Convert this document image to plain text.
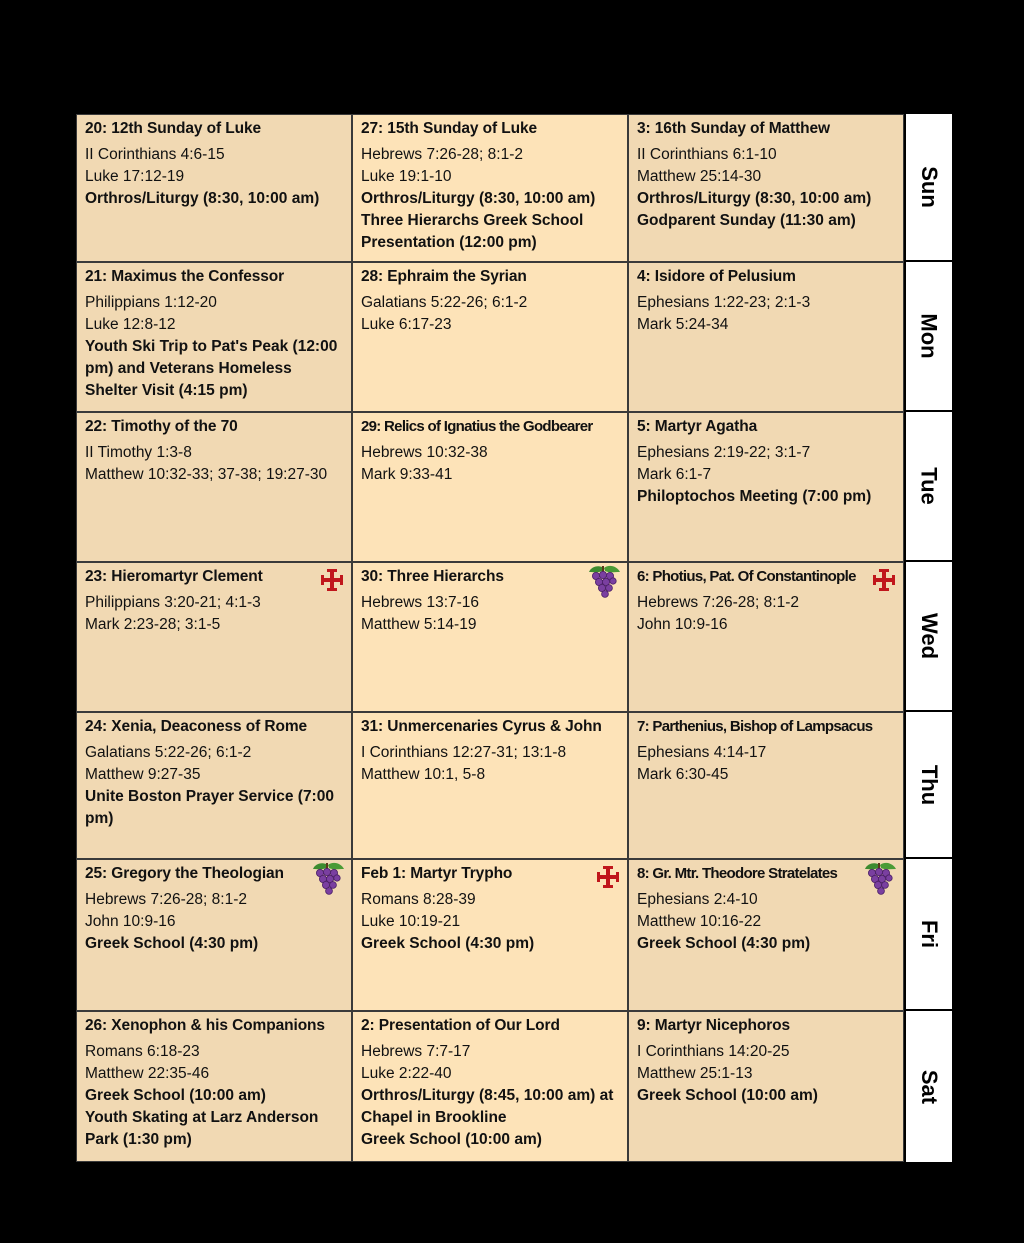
20: 12th Sunday of Luke
II Corinthians 4:6-15
Luke 17:12-19
Orthros/Liturgy (8:30, 10:00 am)
27: 15th Sunday of Luke
Hebrews 7:26-28; 8:1-2
Luke 19:1-10
Orthros/Liturgy (8:30, 10:00 am)
Three Hierarchs Greek School Presentation (12:00 pm)
3: 16th Sunday of Matthew
II Corinthians 6:1-10
Matthew 25:14-30
Orthros/Liturgy (8:30, 10:00 am)
Godparent Sunday (11:30 am)
21: Maximus the Confessor
Philippians 1:12-20
Luke 12:8-12
Youth Ski Trip to Pat's Peak (12:00 pm) and Veterans Homeless Shelter Visit (4:15 pm)
28: Ephraim the Syrian
Galatians 5:22-26; 6:1-2
Luke 6:17-23
4: Isidore of Pelusium
Ephesians 1:22-23; 2:1-3
Mark 5:24-34
22: Timothy of the 70
II Timothy 1:3-8
Matthew 10:32-33; 37-38; 19:27-30
29: Relics of Ignatius the Godbearer
Hebrews 10:32-38
Mark 9:33-41
5: Martyr Agatha
Ephesians 2:19-22; 3:1-7
Mark 6:1-7
Philoptochos Meeting (7:00 pm)
23: Hieromartyr Clement
Philippians 3:20-21; 4:1-3
Mark 2:23-28; 3:1-5
30: Three Hierarchs
Hebrews 13:7-16
Matthew 5:14-19
6: Photius, Pat. Of Constantinople
Hebrews 7:26-28; 8:1-2
John 10:9-16
24: Xenia, Deaconess of Rome
Galatians 5:22-26; 6:1-2
Matthew 9:27-35
Unite Boston Prayer Service (7:00 pm)
31: Unmercenaries Cyrus & John
I Corinthians 12:27-31; 13:1-8
Matthew 10:1, 5-8
7: Parthenius, Bishop of Lampsacus
Ephesians 4:14-17
Mark 6:30-45
25: Gregory the Theologian
Hebrews 7:26-28; 8:1-2
John 10:9-16
Greek School (4:30 pm)
Feb 1: Martyr Trypho
Romans 8:28-39
Luke 10:19-21
Greek School (4:30 pm)
8: Gr. Mtr. Theodore Stratelates
Ephesians 2:4-10
Matthew 10:16-22
Greek School (4:30 pm)
26: Xenophon & his Companions
Romans 6:18-23
Matthew 22:35-46
Greek School (10:00 am)
Youth Skating at Larz Anderson Park (1:30 pm)
2: Presentation of Our Lord
Hebrews 7:7-17
Luke 2:22-40
Orthros/Liturgy (8:45, 10:00 am) at Chapel in Brookline
Greek School (10:00 am)
9: Martyr Nicephoros
I Corinthians 14:20-25
Matthew 25:1-13
Greek School (10:00 am)
Sun
Mon
Tue
Wed
Thu
Fri
Sat
